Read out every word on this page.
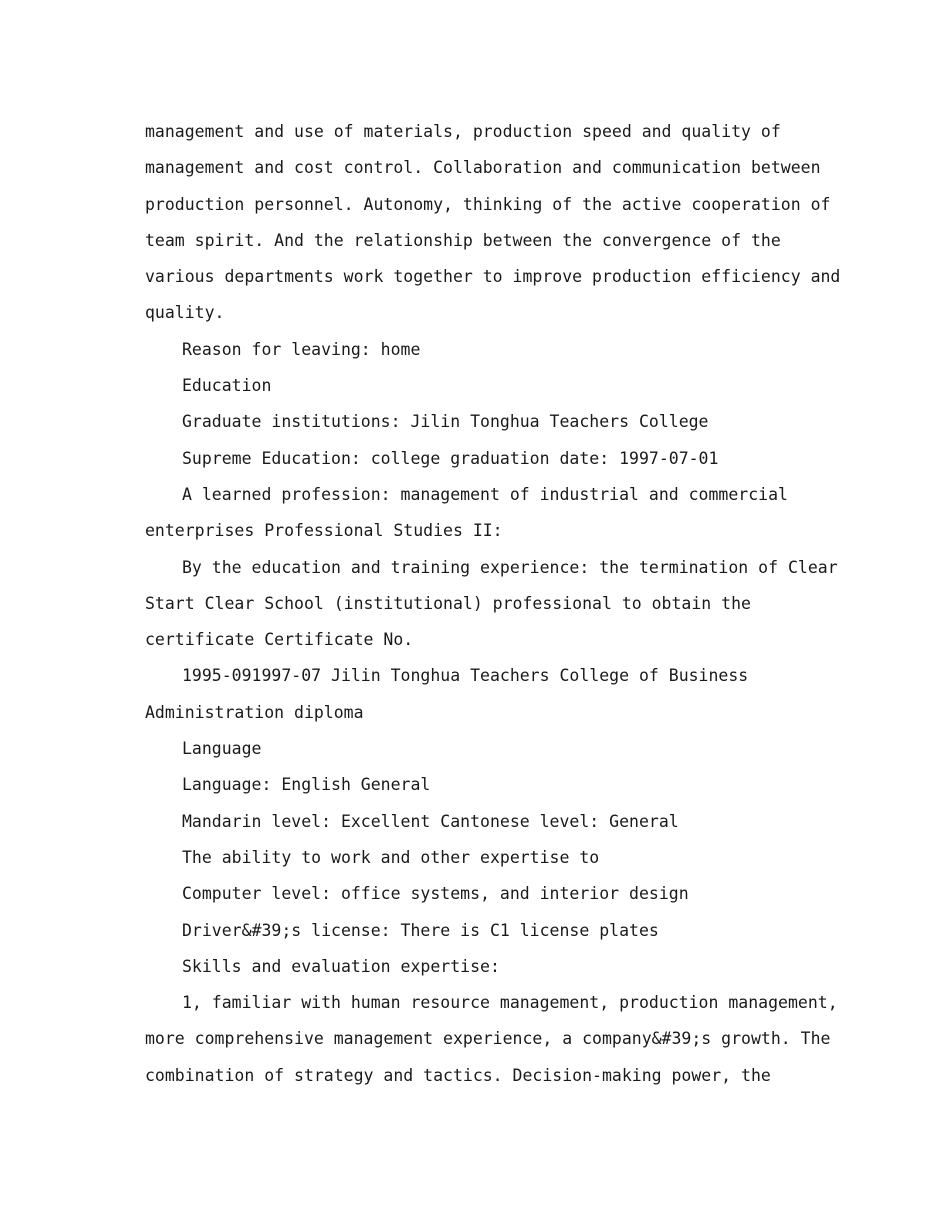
management and use of materials, production speed and quality of
management and cost control. Collaboration and communication between
production personnel. Autonomy, thinking of the active cooperation of
team spirit. And the relationship between the convergence of the
various departments work together to improve production efficiency and
quality.
Reason for leaving: home
Education
Graduate institutions: Jilin Tonghua Teachers College
Supreme Education: college graduation date: 1997-07-01
A learned profession: management of industrial and commercial
enterprises Professional Studies II:
By the education and training experience: the termination of Clear
Start Clear School (institutional) professional to obtain the
certificate Certificate No.
1995-091997-07 Jilin Tonghua Teachers College of Business
Administration diploma
Language
Language: English General
Mandarin level: Excellent Cantonese level: General
The ability to work and other expertise to
Computer level: office systems, and interior design
Driver&#39;s license: There is C1 license plates
Skills and evaluation expertise:
1, familiar with human resource management, production management,
more comprehensive management experience, a company&#39;s growth. The
combination of strategy and tactics. Decision-making power, the
